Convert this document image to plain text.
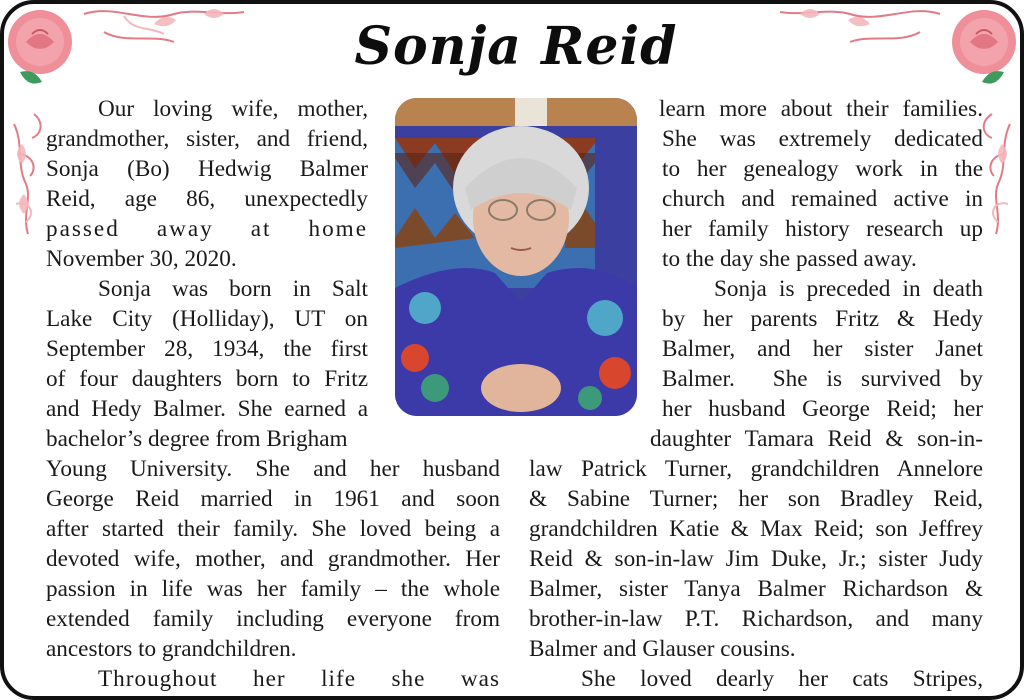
Sonja Reid
Our loving wife, mother,
grandmother, sister, and friend,
Sonja (Bo) Hedwig Balmer
Reid, age 86, unexpectedly
passed away at home
November 30, 2020.
Sonja was born in Salt
Lake City (Holliday), UT on
September 28, 1934, the first
of four daughters born to Fritz
and Hedy Balmer. She earned a
bachelor’s degree from Brigham
Young University. She and her husband
George Reid married in 1961 and soon
after started their family. She loved being a
devoted wife, mother, and grandmother. Her
passion in life was her family – the whole
extended family including everyone from
ancestors to grandchildren.
Throughout her life she was
learn more about their families.
She was extremely dedicated
to her genealogy work in the
church and remained active in
her family history research up
to the day she passed away.
Sonja is preceded in death
by her parents Fritz & Hedy
Balmer, and her sister Janet
Balmer.  She is survived by
her husband George Reid; her
daughter Tamara Reid & son-in-
law Patrick Turner, grandchildren Annelore
& Sabine Turner; her son Bradley Reid,
grandchildren Katie & Max Reid; son Jeffrey
Reid & son-in-law Jim Duke, Jr.; sister Judy
Balmer, sister Tanya Balmer Richardson &
brother-in-law P.T. Richardson, and many
Balmer and Glauser cousins.
She loved dearly her cats Stripes,
